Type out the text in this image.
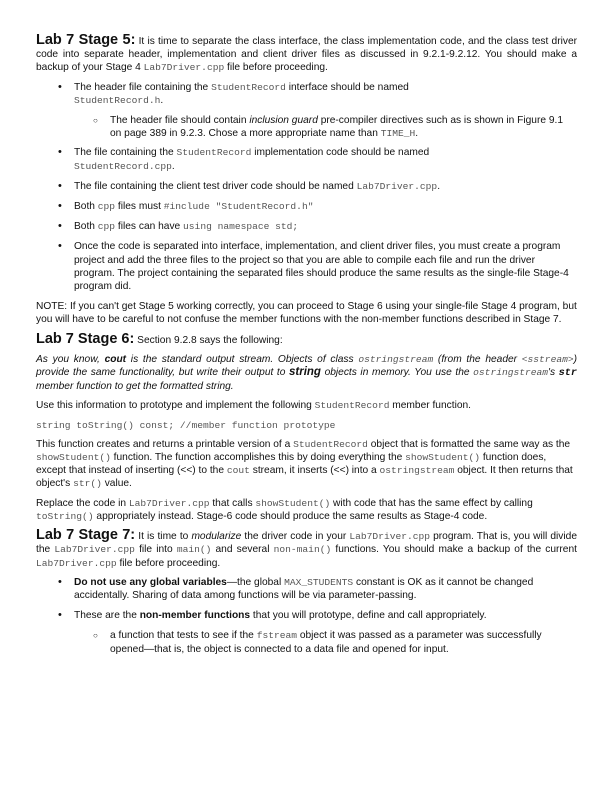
Lab 7 Stage 5: It is time to separate the class interface, the class implementation code, and the class test driver code into separate header, implementation and client driver files as discussed in 9.2.1-9.2.12. You should make a backup of your Stage 4 Lab7Driver.cpp file before proceeding.

• The header file containing the StudentRecord interface should be named
StudentRecord.h.
○ The header file should contain inclusion guard pre-compiler directives such as is shown in Figure 9.1 on page 389 in 9.2.3. Chose a more appropriate name than TIME_H.
• The file containing the StudentRecord implementation code should be named
StudentRecord.cpp.
• The file containing the client test driver code should be named Lab7Driver.cpp.
• Both cpp files must #include "StudentRecord.h"
• Both cpp files can have using namespace std;
• Once the code is separated into interface, implementation, and client driver files, you must create a program project and add the three files to the project so that you are able to compile each file and run the driver program. The project containing the separated files should produce the same results as the single-file Stage-4 program did.

NOTE: If you can't get Stage 5 working correctly, you can proceed to Stage 6 using your single-file Stage 4 program, but you will have to be careful to not confuse the member functions with the non-member functions described in Stage 7.

Lab 7 Stage 6: Section 9.2.8 says the following:

As you know, cout is the standard output stream. Objects of class ostringstream (from the header <sstream>) provide the same functionality, but write their output to string objects in memory. You use the ostringstream's str member function to get the formatted string.

Use this information to prototype and implement the following StudentRecord member function.

string toString() const; //member function prototype

This function creates and returns a printable version of a StudentRecord object that is formatted the same way as the showStudent() function. The function accomplishes this by doing everything the showStudent() function does, except that instead of inserting (<<) to the cout stream, it inserts (<<) into a ostringstream object. It then returns that object's str() value.

Replace the code in Lab7Driver.cpp that calls showStudent() with code that has the same effect by calling toString() appropriately instead. Stage-6 code should produce the same results as Stage-4 code.

Lab 7 Stage 7: It is time to modularize the driver code in your Lab7Driver.cpp program. That is, you will divide the Lab7Driver.cpp file into main() and several non-main() functions. You should make a backup of the current Lab7Driver.cpp file before proceeding.

• Do not use any global variables—the global MAX_STUDENTS constant is OK as it cannot be changed accidentally. Sharing of data among functions will be via parameter-passing.
• These are the non-member functions that you will prototype, define and call appropriately.
○ a function that tests to see if the fstream object it was passed as a parameter was successfully opened—that is, the object is connected to a data file and opened for input.
